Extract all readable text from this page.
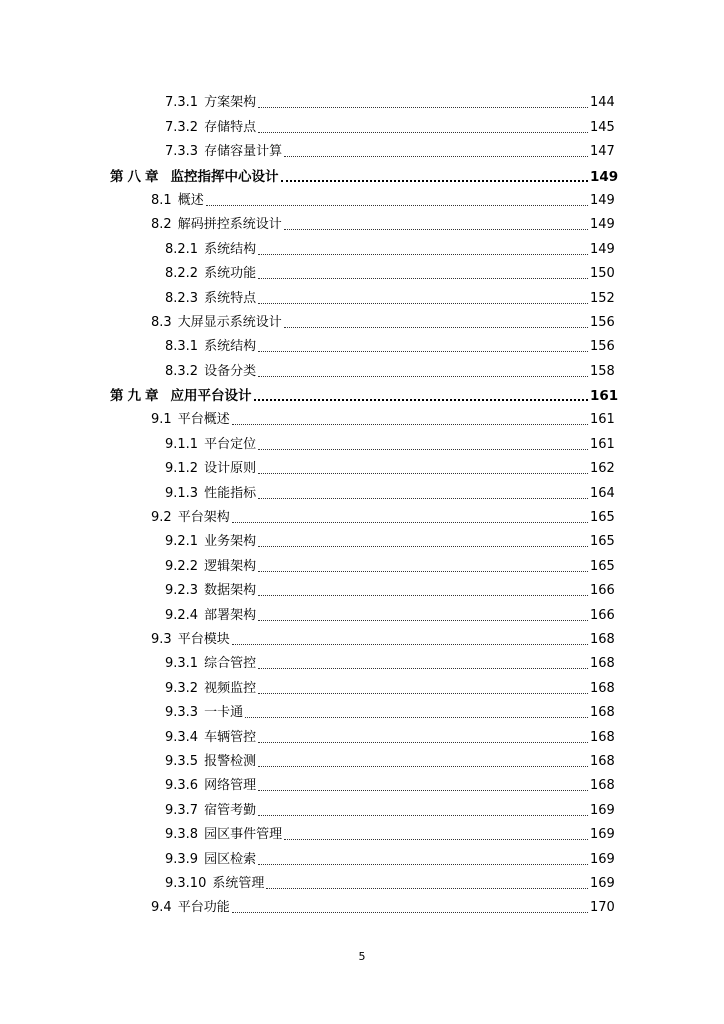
7.3.1 方案架构	144
7.3.2 存储特点	145
7.3.3 存储容量计算	147
第八章 监控指挥中心设计	149
8.1 概述	149
8.2 解码拼控系统设计	149
8.2.1 系统结构	149
8.2.2 系统功能	150
8.2.3 系统特点	152
8.3 大屏显示系统设计	156
8.3.1 系统结构	156
8.3.2 设备分类	158
第九章 应用平台设计	161
9.1 平台概述	161
9.1.1 平台定位	161
9.1.2 设计原则	162
9.1.3 性能指标	164
9.2 平台架构	165
9.2.1 业务架构	165
9.2.2 逻辑架构	165
9.2.3 数据架构	166
9.2.4 部署架构	166
9.3 平台模块	168
9.3.1 综合管控	168
9.3.2 视频监控	168
9.3.3 一卡通	168
9.3.4 车辆管控	168
9.3.5 报警检测	168
9.3.6 网络管理	168
9.3.7 宿管考勤	169
9.3.8 园区事件管理	169
9.3.9 园区检索	169
9.3.10 系统管理	169
9.4 平台功能	170
5
